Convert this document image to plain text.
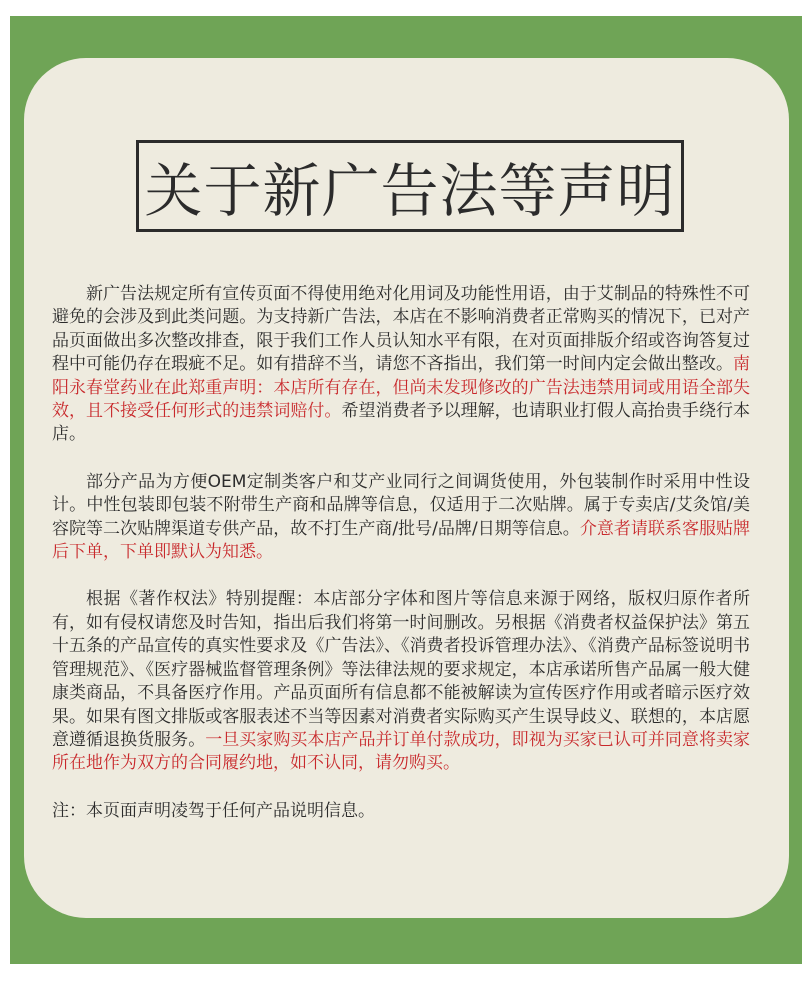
关于新广告法等声明

新广告法规定所有宣传页面不得使用绝对化用词及功能性用语，由于艾制品的特殊性不可避免的会涉及到此类问题。为支持新广告法，本店在不影响消费者正常购买的情况下，已对产品页面做出多次整改排查，限于我们工作人员认知水平有限，在对页面排版介绍或咨询答复过程中可能仍存在瑕疵不足。如有措辞不当，请您不吝指出，我们第一时间内定会做出整改。南阳永春堂药业在此郑重声明：本店所有存在，但尚未发现修改的广告法违禁用词或用语全部失效，且不接受任何形式的违禁词赔付。希望消费者予以理解，也请职业打假人高抬贵手绕行本店。

部分产品为方便OEM定制类客户和艾产业同行之间调货使用，外包装制作时采用中性设计。中性包装即包装不附带生产商和品牌等信息，仅适用于二次贴牌。属于专卖店/艾灸馆/美容院等二次贴牌渠道专供产品，故不打生产商/批号/品牌/日期等信息。介意者请联系客服贴牌后下单，下单即默认为知悉。

根据《著作权法》特别提醒：本店部分字体和图片等信息来源于网络，版权归原作者所有，如有侵权请您及时告知，指出后我们将第一时间删改。另根据《消费者权益保护法》第五十五条的产品宣传的真实性要求及《广告法》、《消费者投诉管理办法》、《消费产品标签说明书管理规范》、《医疗器械监督管理条例》等法律法规的要求规定，本店承诺所售产品属一般大健康类商品，不具备医疗作用。产品页面所有信息都不能被解读为宣传医疗作用或者暗示医疗效果。如果有图文排版或客服表述不当等因素对消费者实际购买产生误导歧义、联想的，本店愿意遵循退换货服务。一旦买家购买本店产品并订单付款成功，即视为买家已认可并同意将卖家所在地作为双方的合同履约地，如不认同，请勿购买。

注：本页面声明凌驾于任何产品说明信息。
